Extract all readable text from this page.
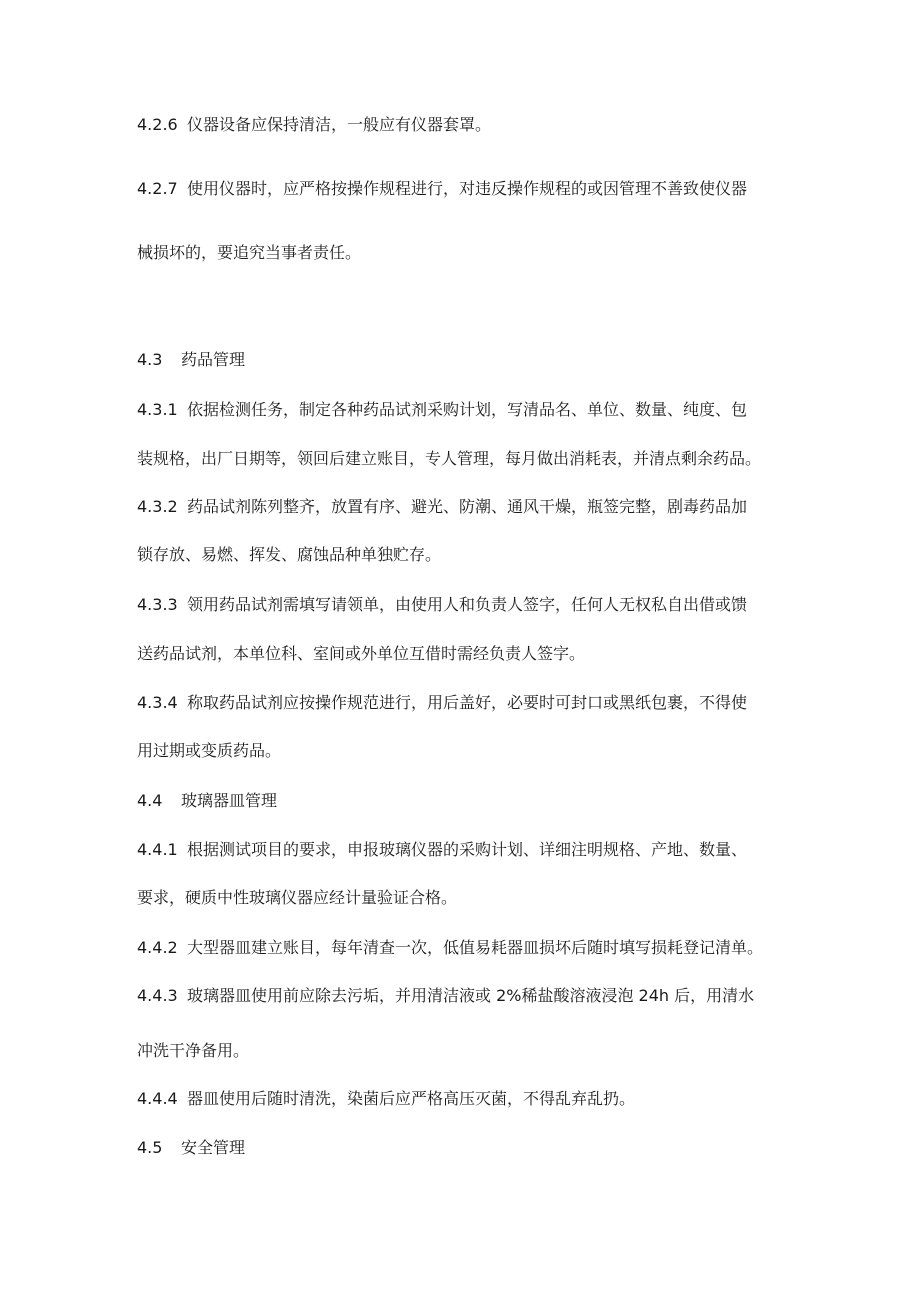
4.2.6 仪器设备应保持清洁，一般应有仪器套罩。
4.2.7 使用仪器时，应严格按操作规程进行，对违反操作规程的或因管理不善致使仪器
械损坏的，要追究当事者责任。
4.3 药品管理
4.3.1 依据检测任务，制定各种药品试剂采购计划，写清品名、单位、数量、纯度、包
装规格，出厂日期等，领回后建立账目，专人管理，每月做出消耗表，并清点剩余药品。
4.3.2 药品试剂陈列整齐，放置有序、避光、防潮、通风干燥，瓶签完整，剧毒药品加
锁存放、易燃、挥发、腐蚀品种单独贮存。
4.3.3 领用药品试剂需填写请领单，由使用人和负责人签字，任何人无权私自出借或馈
送药品试剂，本单位科、室间或外单位互借时需经负责人签字。
4.3.4 称取药品试剂应按操作规范进行，用后盖好，必要时可封口或黑纸包裹，不得使
用过期或变质药品。
4.4 玻璃器皿管理
4.4.1 根据测试项目的要求，申报玻璃仪器的采购计划、详细注明规格、产地、数量、
要求，硬质中性玻璃仪器应经计量验证合格。
4.4.2 大型器皿建立账目，每年清查一次，低值易耗器皿损坏后随时填写损耗登记清单。
4.4.3 玻璃器皿使用前应除去污垢，并用清洁液或 2%稀盐酸溶液浸泡 24h 后，用清水
冲洗干净备用。
4.4.4 器皿使用后随时清洗，染菌后应严格高压灭菌，不得乱弃乱扔。
4.5 安全管理
